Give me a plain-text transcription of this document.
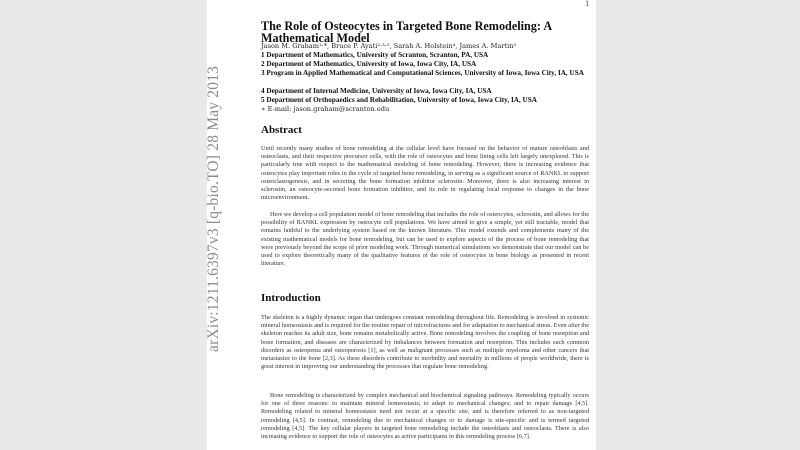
arXiv:1211.6397v3 [q-bio.TO] 28 May 2013
1
The Role of Osteocytes in Targeted Bone Remodeling: A Mathematical Model
Jason M. Graham¹·*, Bruce P. Ayati²·³·⁵, Sarah A. Holstein⁴, James A. Martin⁵
1 Department of Mathematics, University of Scranton, Scranton, PA, USA
2 Department of Mathematics, University of Iowa, Iowa City, IA, USA
3 Program in Applied Mathematical and Computational Sciences, University of Iowa, Iowa City, IA, USA
4 Department of Internal Medicine, University of Iowa, Iowa City, IA, USA
5 Department of Orthopaedics and Rehabilitation, University of Iowa, Iowa City, IA, USA
∗ E-mail: jason.graham@scranton.edu
Abstract

Until recently many studies of bone remodeling at the cellular level have focused on the behavior of mature osteoblasts and osteoclasts, and their respective precursor cells, with the role of osteocytes and bone lining cells left largely unexplored. This is particularly true with respect to the mathematical modeling of bone remodeling. However, there is increasing evidence that osteocytes play important roles in the cycle of targeted bone remodeling, in serving as a significant source of RANKL to support osteoclastogenesis, and in secreting the bone formation inhibitor sclerostin. Moreover, there is also increasing interest in sclerostin, an osteocyte-secreted bone formation inhibitor, and its role in regulating local response to changes in the bone microenvironment.

Here we develop a cell population model of bone remodeling that includes the role of osteocytes, sclerostin, and allows for the possibility of RANKL expression by osteocyte cell populations. We have aimed to give a simple, yet still tractable, model that remains faithful to the underlying system based on the known literature. This model extends and complements many of the existing mathematical models for bone remodeling, but can be used to explore aspects of the process of bone remodeling that were previously beyond the scope of prior modeling work. Through numerical simulations we demonstrate that our model can be used to explore theoretically many of the qualitative features of the role of osteocytes in bone biology as presented in recent literature.

Introduction

The skeleton is a highly dynamic organ that undergoes constant remodeling throughout life. Remodeling is involved in systemic mineral homeostasis and is required for the routine repair of microfractures and for adaptation to mechanical stress. Even after the skeleton reaches its adult size, bone remains metabolically active. Bone remodeling involves the coupling of bone resorption and bone formation, and diseases are characterized by imbalances between formation and resorption. This includes such common disorders as osteopenia and osteoporosis [1], as well as malignant processes such as multiple myeloma and other cancers that metastasize to the bone [2,3]. As these disorders contribute to morbidity and mortality in millions of people worldwide, there is great interest in improving our understanding the processes that regulate bone remodeling.

Bone remodeling is characterized by complex mechanical and biochemical signaling pathways. Remodeling typically occurs for one of three reasons: to maintain mineral homeostasis; to adapt to mechanical changes; and to repair damage [4,5]. Remodeling related to mineral homeostasis need not occur at a specific site, and is therefore referred to as non-targeted remodeling [4,5]. In contrast, remodeling due to mechanical changes or to damage is site-specific and is termed targeted remodeling [4,5]. The key cellular players in targeted bone remodeling include the osteoblasts and osteoclasts. There is also increasing evidence to support the role of osteocytes as active participants in this remodeling process [6,7].
